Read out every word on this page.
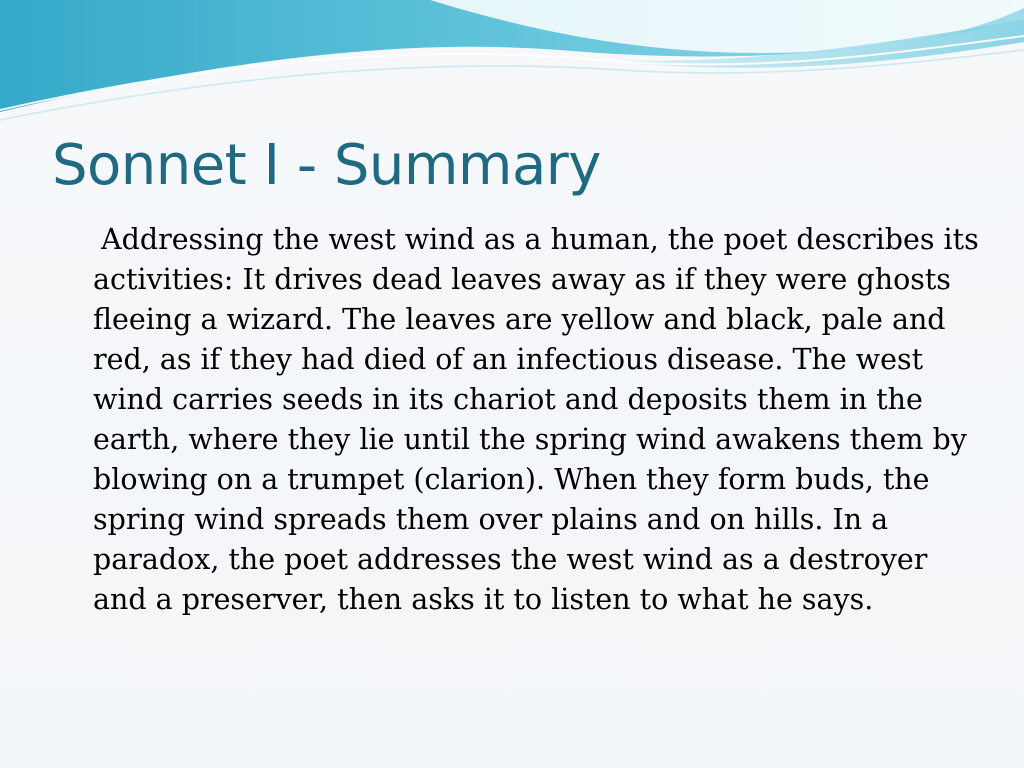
Sonnet I - Summary

Addressing the west wind as a human, the poet describes its activities: It drives dead leaves away as if they were ghosts fleeing a wizard. The leaves are yellow and black, pale and red, as if they had died of an infectious disease. The west wind carries seeds in its chariot and deposits them in the earth, where they lie until the spring wind awakens them by blowing on a trumpet (clarion). When they form buds, the spring wind spreads them over plains and on hills. In a paradox, the poet addresses the west wind as a destroyer and a preserver, then asks it to listen to what he says.
